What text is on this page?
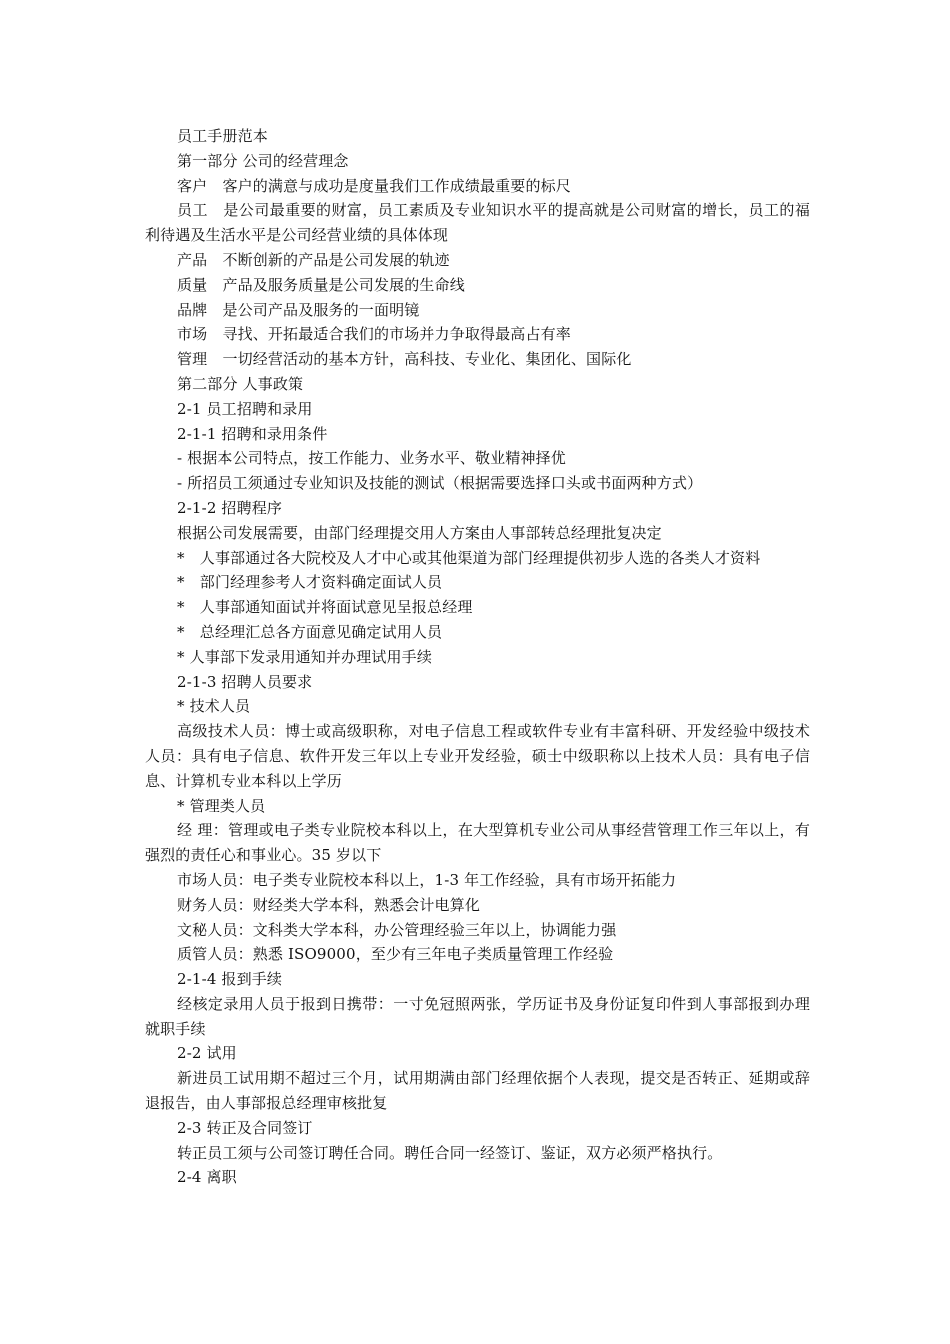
员工手册范本

第一部分 公司的经营理念

客户　客户的满意与成功是度量我们工作成绩最重要的标尺

员工　是公司最重要的财富，员工素质及专业知识水平的提高就是公司财富的增长，员工的福利待遇及生活水平是公司经营业绩的具体体现

产品　不断创新的产品是公司发展的轨迹

质量　产品及服务质量是公司发展的生命线

品牌　是公司产品及服务的一面明镜

市场　寻找、开拓最适合我们的市场并力争取得最高占有率

管理　一切经营活动的基本方针，高科技、专业化、集团化、国际化

第二部分 人事政策

2-1 员工招聘和录用

2-1-1 招聘和录用条件

- 根据本公司特点，按工作能力、业务水平、敬业精神择优

- 所招员工须通过专业知识及技能的测试（根据需要选择口头或书面两种方式）

2-1-2 招聘程序

根据公司发展需要，由部门经理提交用人方案由人事部转总经理批复决定

*　人事部通过各大院校及人才中心或其他渠道为部门经理提供初步人选的各类人才资料

*　部门经理参考人才资料确定面试人员

*　人事部通知面试并将面试意见呈报总经理

*　总经理汇总各方面意见确定试用人员

* 人事部下发录用通知并办理试用手续

2-1-3 招聘人员要求

* 技术人员

高级技术人员：博士或高级职称，对电子信息工程或软件专业有丰富科研、开发经验中级技术人员：具有电子信息、软件开发三年以上专业开发经验，硕士中级职称以上技术人员：具有电子信息、计算机专业本科以上学历

* 管理类人员

经 理：管理或电子类专业院校本科以上，在大型算机专业公司从事经营管理工作三年以上，有强烈的责任心和事业心。35 岁以下

市场人员：电子类专业院校本科以上，1-3 年工作经验，具有市场开拓能力

财务人员：财经类大学本科，熟悉会计电算化

文秘人员：文科类大学本科，办公管理经验三年以上，协调能力强

质管人员：熟悉 ISO9000，至少有三年电子类质量管理工作经验

2-1-4 报到手续

经核定录用人员于报到日携带：一寸免冠照两张，学历证书及身份证复印件到人事部报到办理就职手续

2-2 试用

新进员工试用期不超过三个月，试用期满由部门经理依据个人表现，提交是否转正、延期或辞退报告，由人事部报总经理审核批复

2-3 转正及合同签订

转正员工须与公司签订聘任合同。聘任合同一经签订、鉴证，双方必须严格执行。

2-4 离职
